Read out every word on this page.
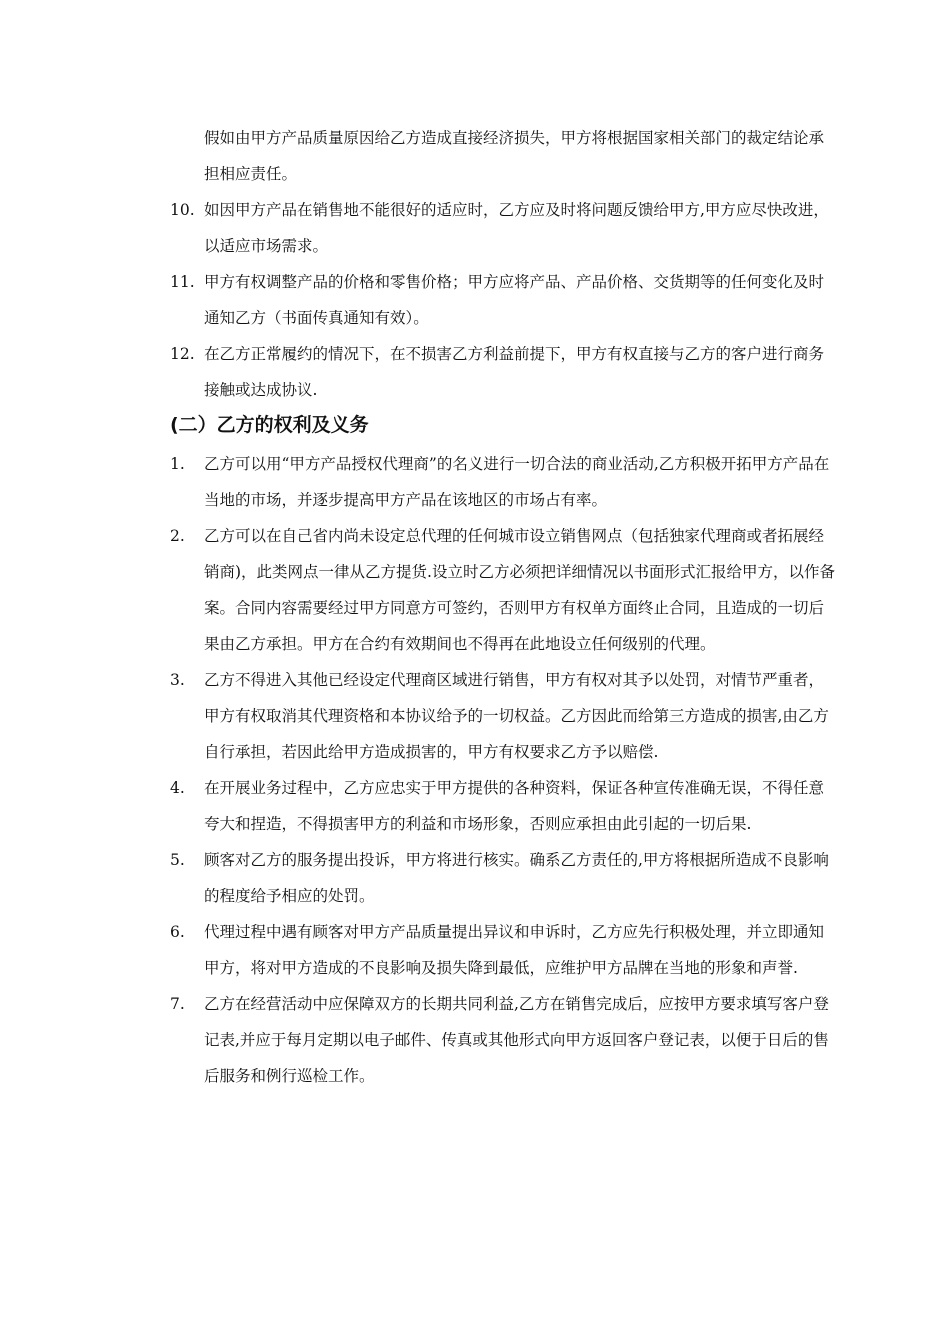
假如由甲方产品质量原因给乙方造成直接经济损失，甲方将根据国家相关部门的裁定结论承担相应责任。
10. 如因甲方产品在销售地不能很好的适应时，乙方应及时将问题反馈给甲方,甲方应尽快改进，以适应市场需求。
11. 甲方有权调整产品的价格和零售价格；甲方应将产品、产品价格、交货期等的任何变化及时通知乙方（书面传真通知有效）。
12. 在乙方正常履约的情况下，在不损害乙方利益前提下，甲方有权直接与乙方的客户进行商务接触或达成协议.
(二）乙方的权利及义务
1.	乙方可以用“甲方产品授权代理商”的名义进行一切合法的商业活动,乙方积极开拓甲方产品在当地的市场，并逐步提高甲方产品在该地区的市场占有率。
2.	乙方可以在自己省内尚未设定总代理的任何城市设立销售网点（包括独家代理商或者拓展经销商)，此类网点一律从乙方提货.设立时乙方必须把详细情况以书面形式汇报给甲方，以作备案。合同内容需要经过甲方同意方可签约，否则甲方有权单方面终止合同，且造成的一切后果由乙方承担。甲方在合约有效期间也不得再在此地设立任何级别的代理。
3.	乙方不得进入其他已经设定代理商区域进行销售，甲方有权对其予以处罚，对情节严重者，甲方有权取消其代理资格和本协议给予的一切权益。乙方因此而给第三方造成的损害,由乙方自行承担，若因此给甲方造成损害的，甲方有权要求乙方予以赔偿.
4.	在开展业务过程中，乙方应忠实于甲方提供的各种资料，保证各种宣传准确无误，不得任意夸大和捏造，不得损害甲方的利益和市场形象，否则应承担由此引起的一切后果.
5.	顾客对乙方的服务提出投诉，甲方将进行核实。确系乙方责任的,甲方将根据所造成不良影响的程度给予相应的处罚。
6.	代理过程中遇有顾客对甲方产品质量提出异议和申诉时，乙方应先行积极处理，并立即通知甲方，将对甲方造成的不良影响及损失降到最低，应维护甲方品牌在当地的形象和声誉.
7.	乙方在经营活动中应保障双方的长期共同利益,乙方在销售完成后，应按甲方要求填写客户登记表,并应于每月定期以电子邮件、传真或其他形式向甲方返回客户登记表，以便于日后的售后服务和例行巡检工作。
